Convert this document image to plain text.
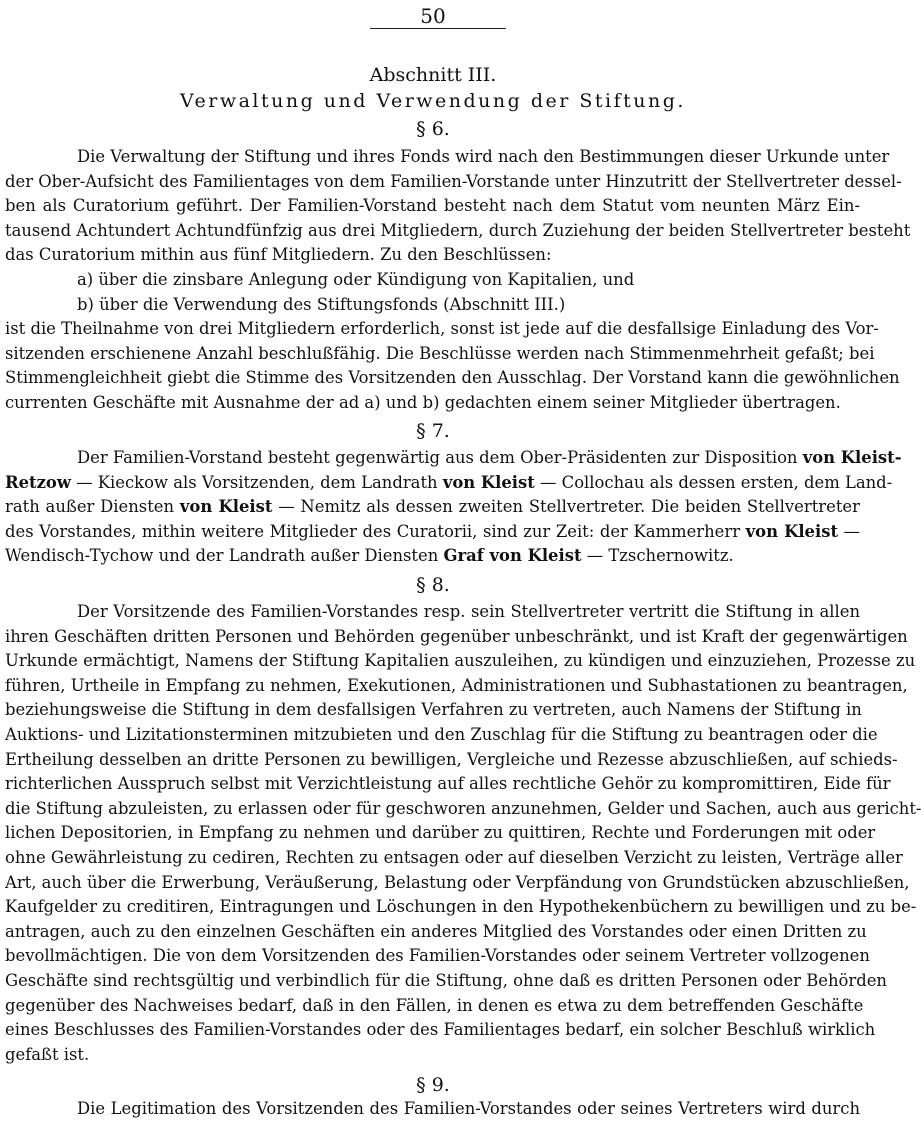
50
Abschnitt III.
Verwaltung und Verwendung der Stiftung.
§ 6.
Die Verwaltung der Stiftung und ihres Fonds wird nach den Bestimmungen dieser Urkunde unter
der Ober-Aufsicht des Familientages von dem Familien-Vorstande unter Hinzutritt der Stellvertreter dessel-
ben als Curatorium geführt. Der Familien-Vorstand besteht nach dem Statut vom neunten März Ein-
tausend Achtundert Achtundfünfzig aus drei Mitgliedern, durch Zuziehung der beiden Stellvertreter besteht
das Curatorium mithin aus fünf Mitgliedern. Zu den Beschlüssen:
a) über die zinsbare Anlegung oder Kündigung von Kapitalien, und
b) über die Verwendung des Stiftungsfonds (Abschnitt III.)
ist die Theilnahme von drei Mitgliedern erforderlich, sonst ist jede auf die desfallsige Einladung des Vor-
sitzenden erschienene Anzahl beschlußfähig. Die Beschlüsse werden nach Stimmenmehrheit gefaßt; bei
Stimmengleichheit giebt die Stimme des Vorsitzenden den Ausschlag. Der Vorstand kann die gewöhnlichen
currenten Geschäfte mit Ausnahme der ad a) und b) gedachten einem seiner Mitglieder übertragen.
§ 7.
Der Familien-Vorstand besteht gegenwärtig aus dem Ober-Präsidenten zur Disposition von Kleist-
Retzow — Kieckow als Vorsitzenden, dem Landrath von Kleist — Collochau als dessen ersten, dem Land-
rath außer Diensten von Kleist — Nemitz als dessen zweiten Stellvertreter. Die beiden Stellvertreter
des Vorstandes, mithin weitere Mitglieder des Curatorii, sind zur Zeit: der Kammerherr von Kleist —
Wendisch-Tychow und der Landrath außer Diensten Graf von Kleist — Tzschernowitz.
§ 8.
Der Vorsitzende des Familien-Vorstandes resp. sein Stellvertreter vertritt die Stiftung in allen
ihren Geschäften dritten Personen und Behörden gegenüber unbeschränkt, und ist Kraft der gegenwärtigen
Urkunde ermächtigt, Namens der Stiftung Kapitalien auszuleihen, zu kündigen und einzuziehen, Prozesse zu
führen, Urtheile in Empfang zu nehmen, Exekutionen, Administrationen und Subhastationen zu beantragen,
beziehungsweise die Stiftung in dem desfallsigen Verfahren zu vertreten, auch Namens der Stiftung in
Auktions- und Lizitationsterminen mitzubieten und den Zuschlag für die Stiftung zu beantragen oder die
Ertheilung desselben an dritte Personen zu bewilligen, Vergleiche und Rezesse abzuschließen, auf schieds-
richterlichen Ausspruch selbst mit Verzichtleistung auf alles rechtliche Gehör zu kompromittiren, Eide für
die Stiftung abzuleisten, zu erlassen oder für geschworen anzunehmen, Gelder und Sachen, auch aus gericht-
lichen Depositorien, in Empfang zu nehmen und darüber zu quittiren, Rechte und Forderungen mit oder
ohne Gewährleistung zu cediren, Rechten zu entsagen oder auf dieselben Verzicht zu leisten, Verträge aller
Art, auch über die Erwerbung, Veräußerung, Belastung oder Verpfändung von Grundstücken abzuschließen,
Kaufgelder zu creditiren, Eintragungen und Löschungen in den Hypothekenbüchern zu bewilligen und zu be-
antragen, auch zu den einzelnen Geschäften ein anderes Mitglied des Vorstandes oder einen Dritten zu
bevollmächtigen. Die von dem Vorsitzenden des Familien-Vorstandes oder seinem Vertreter vollzogenen
Geschäfte sind rechtsgültig und verbindlich für die Stiftung, ohne daß es dritten Personen oder Behörden
gegenüber des Nachweises bedarf, daß in den Fällen, in denen es etwa zu dem betreffenden Geschäfte
eines Beschlusses des Familien-Vorstandes oder des Familientages bedarf, ein solcher Beschluß wirklich
gefaßt ist.
§ 9.
Die Legitimation des Vorsitzenden des Familien-Vorstandes oder seines Vertreters wird durch
